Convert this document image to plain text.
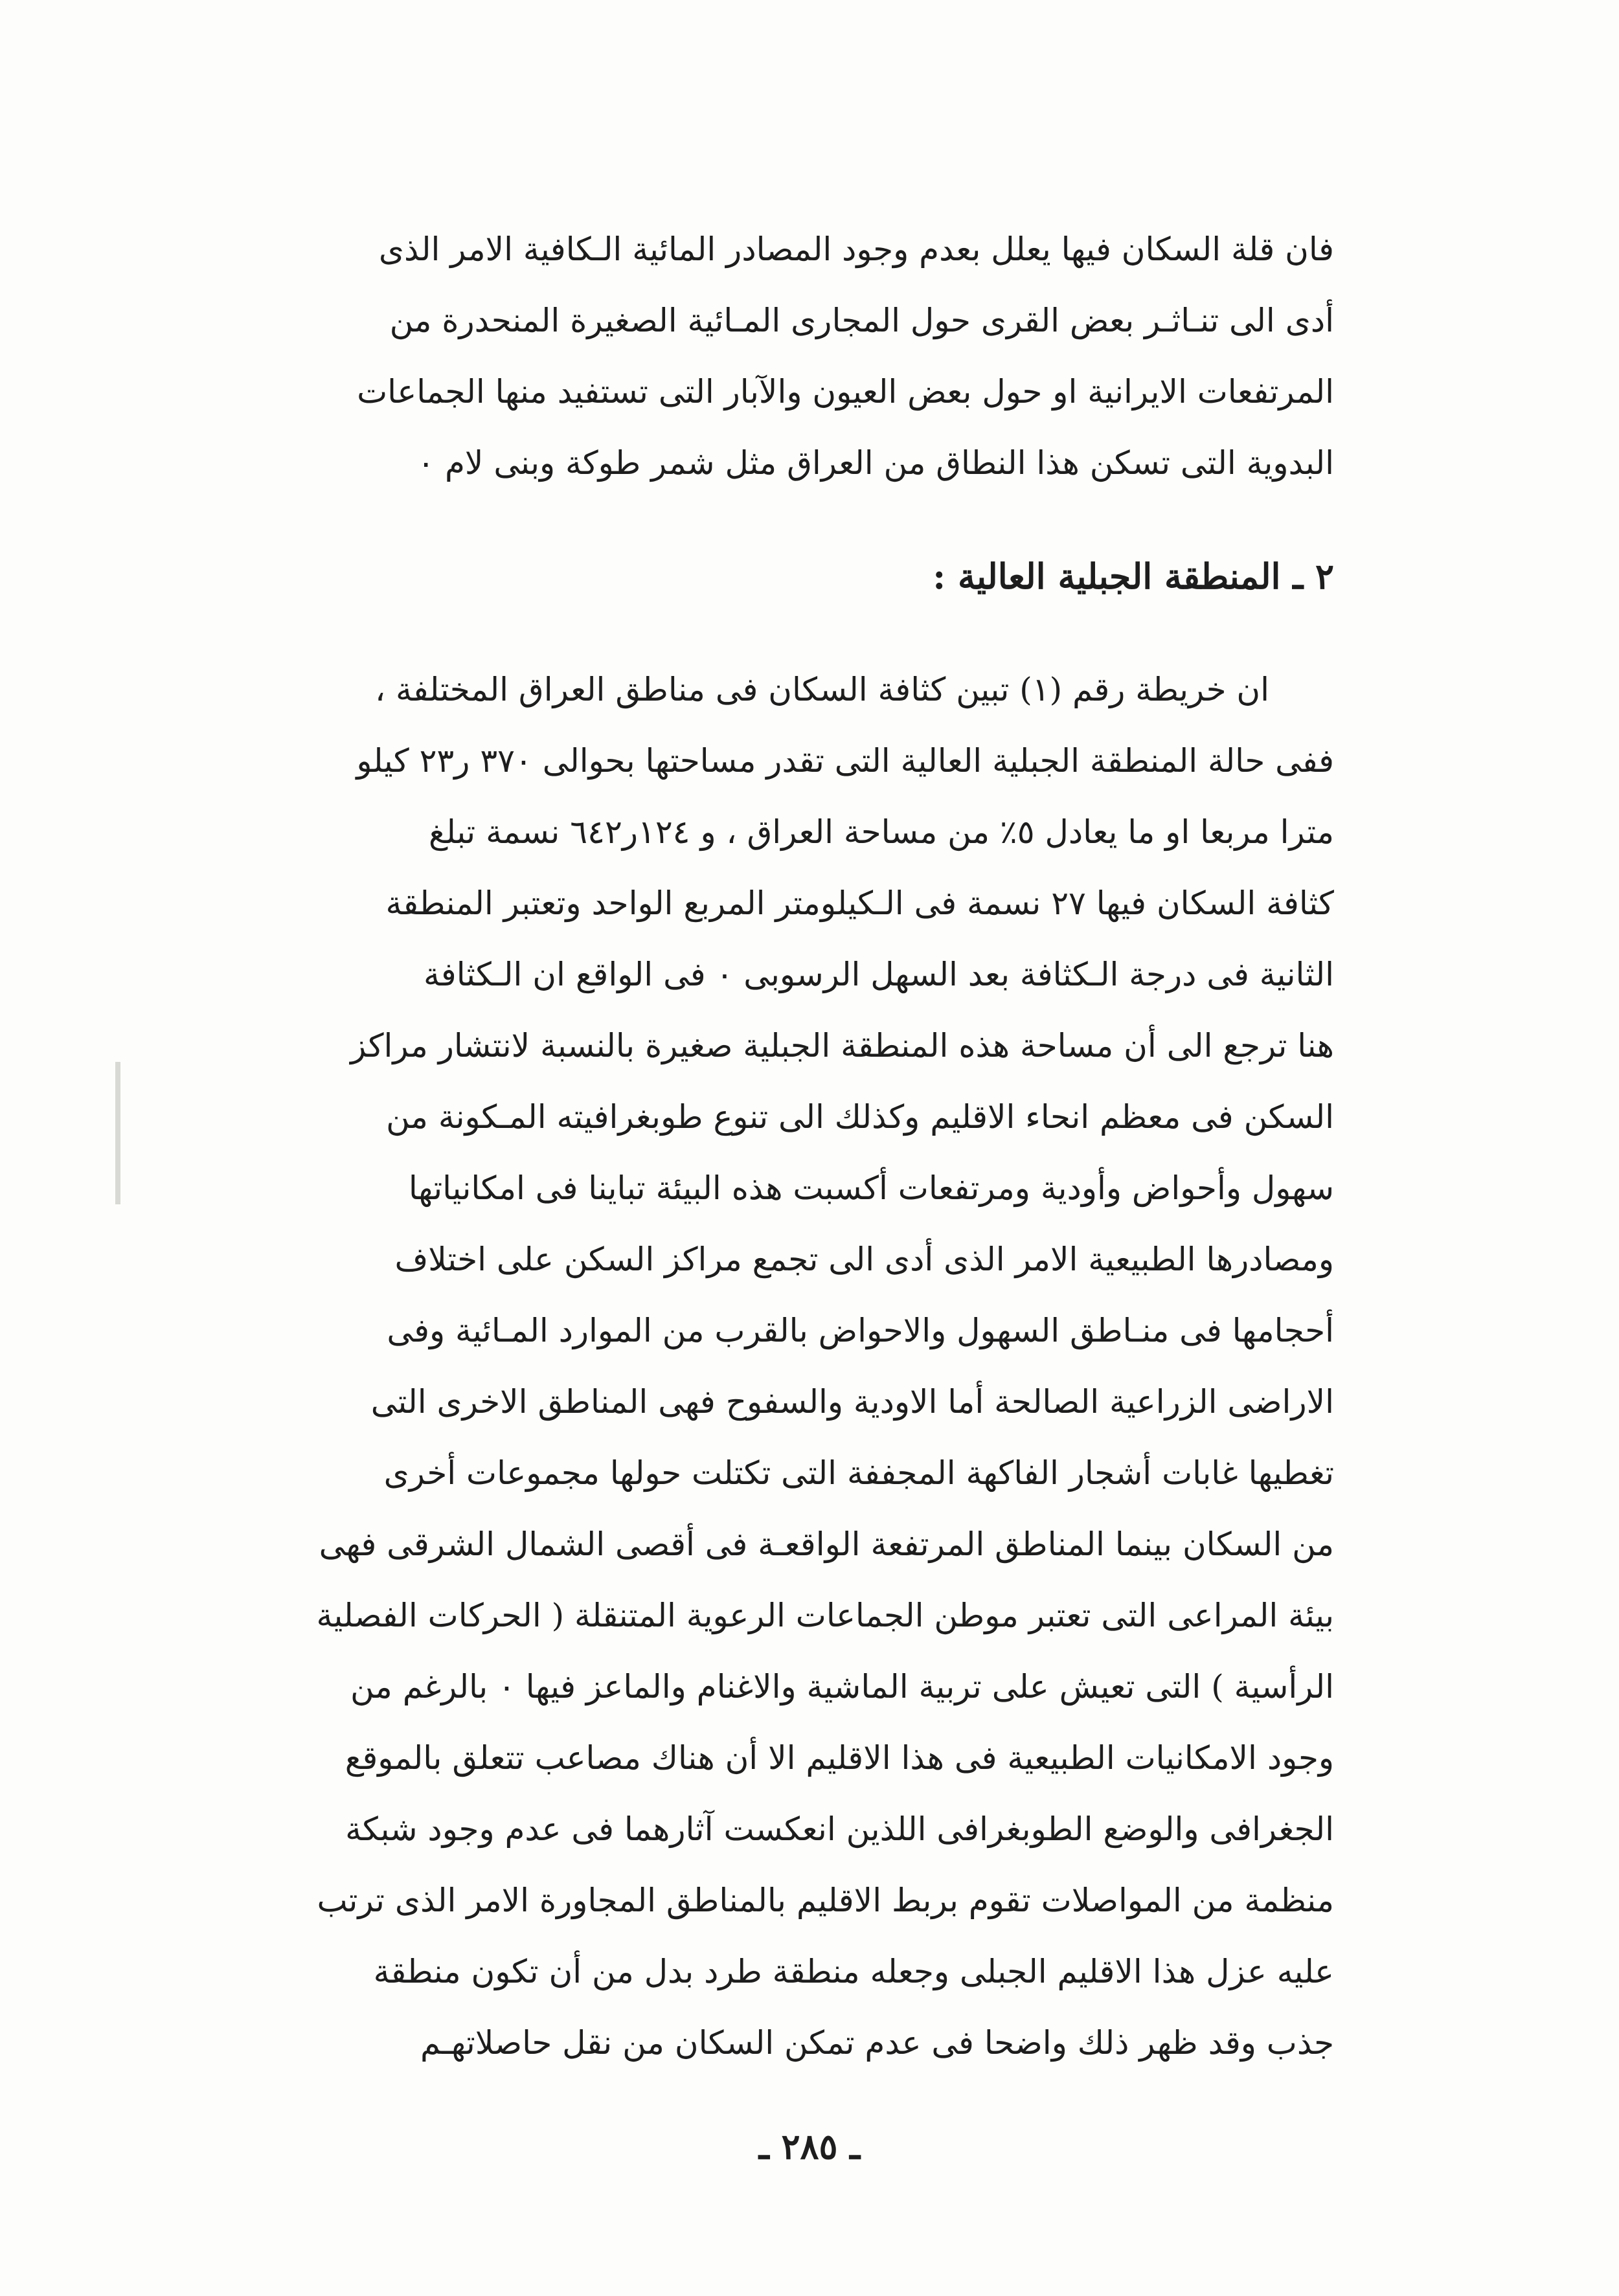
فان قلة السكان فيها يعلل بعدم وجود المصادر المائية الـكافية الامر الذى
أدى الى تنـاثـر بعض القرى حول المجارى المـائية الصغيرة المنحدرة من
المرتفعات الايرانية او حول بعض العيون والآبار التى تستفيد منها الجماعات
البدوية التى تسكن هذا النطاق من العراق مثل شمر طوكة وبنى لام ٠
٢ ـ المنطقة الجبلية العالية :
ان خريطة رقم (١) تبين كثافة السكان فى مناطق العراق المختلفة ،
ففى حالة المنطقة الجبلية العالية التى تقدر مساحتها بحوالى ٣٧٠ ر٢٣ كيلو
مترا مربعا او ما يعادل ٥٪ من مساحة العراق ، و ١٢٤ر٦٤٢ نسمة تبلغ
كثافة السكان فيها ٢٧ نسمة فى الـكيلومتر المربع الواحد وتعتبر المنطقة
الثانية فى درجة الـكثافة بعد السهل الرسوبى ٠ فى الواقع ان الـكثافة
هنا ترجع الى أن مساحة هذه المنطقة الجبلية صغيرة بالنسبة لانتشار مراكز
السكن فى معظم انحاء الاقليم وكذلك الى تنوع طوبغرافيته المـكونة من
سهول وأحواض وأودية ومرتفعات أكسبت هذه البيئة تباينا فى امكانياتها
ومصادرها الطبيعية الامر الذى أدى الى تجمع مراكز السكن على اختلاف
أحجامها فى منـاطق السهول والاحواض بالقرب من الموارد المـائية وفى
الاراضى الزراعية الصالحة أما الاودية والسفوح فهى المناطق الاخرى التى
تغطيها غابات أشجار الفاكهة المجففة التى تكتلت حولها مجموعات أخرى
من السكان بينما المناطق المرتفعة الواقعـة فى أقصى الشمال الشرقى فهى
بيئة المراعى التى تعتبر موطن الجماعات الرعوية المتنقلة ( الحركات الفصلية
الرأسية ) التى تعيش على تربية الماشية والاغنام والماعز فيها ٠ بالرغم من
وجود الامكانيات الطبيعية فى هذا الاقليم الا أن هناك مصاعب تتعلق بالموقع
الجغرافى والوضع الطوبغرافى اللذين انعكست آثارهما فى عدم وجود شبكة
منظمة من المواصلات تقوم بربط الاقليم بالمناطق المجاورة الامر الذى ترتب
عليه عزل هذا الاقليم الجبلى وجعله منطقة طرد بدل من أن تكون منطقة
جذب وقد ظهر ذلك واضحا فى عدم تمكن السكان من نقل حاصلاتهـم
ـ ٢٨٥ ـ
